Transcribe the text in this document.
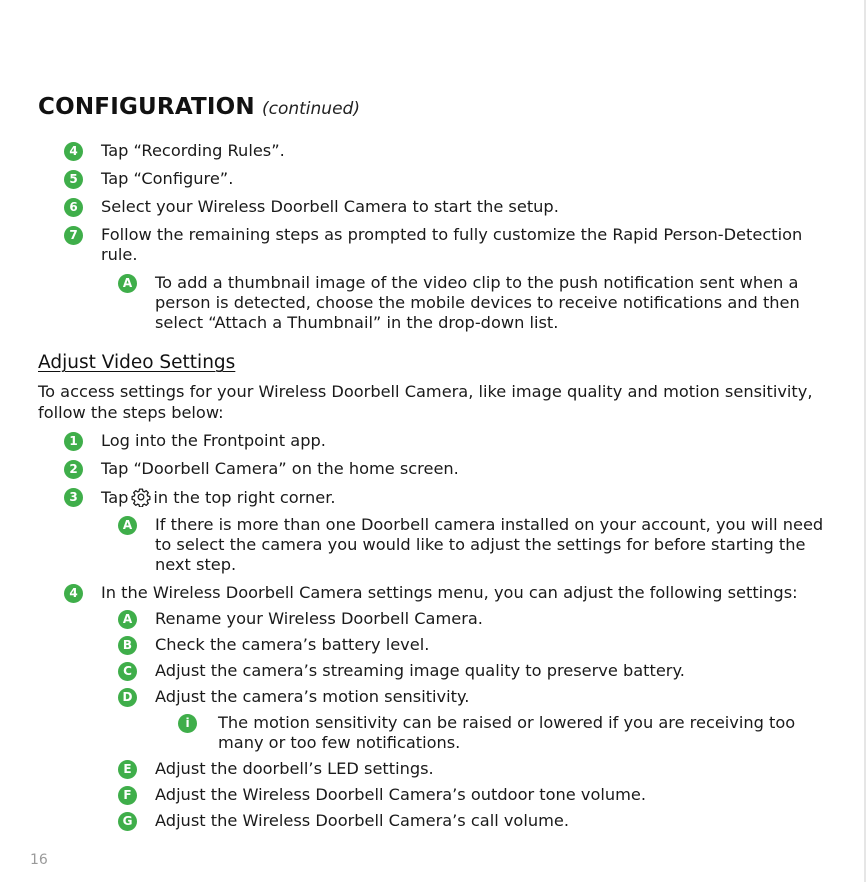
CONFIGURATION (continued)
4	Tap “Recording Rules”.
5	Tap “Configure”.
6	Select your Wireless Doorbell Camera to start the setup.
7	Follow the remaining steps as prompted to fully customize the Rapid Person-Detection rule.
A To add a thumbnail image of the video clip to the push notification sent when a person is detected, choose the mobile devices to receive notifications and then select “Attach a Thumbnail” in the drop-down list.
Adjust Video Settings
To access settings for your Wireless Doorbell Camera, like image quality and motion sensitivity, follow the steps below:
1	Log into the Frontpoint app.
2	Tap “Doorbell Camera” on the home screen.
3	Tap in the top right corner.
A If there is more than one Doorbell camera installed on your account, you will need to select the camera you would like to adjust the settings for before starting the next step.
4	In the Wireless Doorbell Camera settings menu, you can adjust the following settings:
A Rename your Wireless Doorbell Camera.
B	Check the camera’s battery level.
C	Adjust the camera’s streaming image quality to preserve battery.
D Adjust the camera’s motion sensitivity.
i	The motion sensitivity can be raised or lowered if you are receiving too many or too few notifications.
E	Adjust the doorbell’s LED settings.
F	Adjust the Wireless Doorbell Camera’s outdoor tone volume.
G Adjust the Wireless Doorbell Camera’s call volume.
16
